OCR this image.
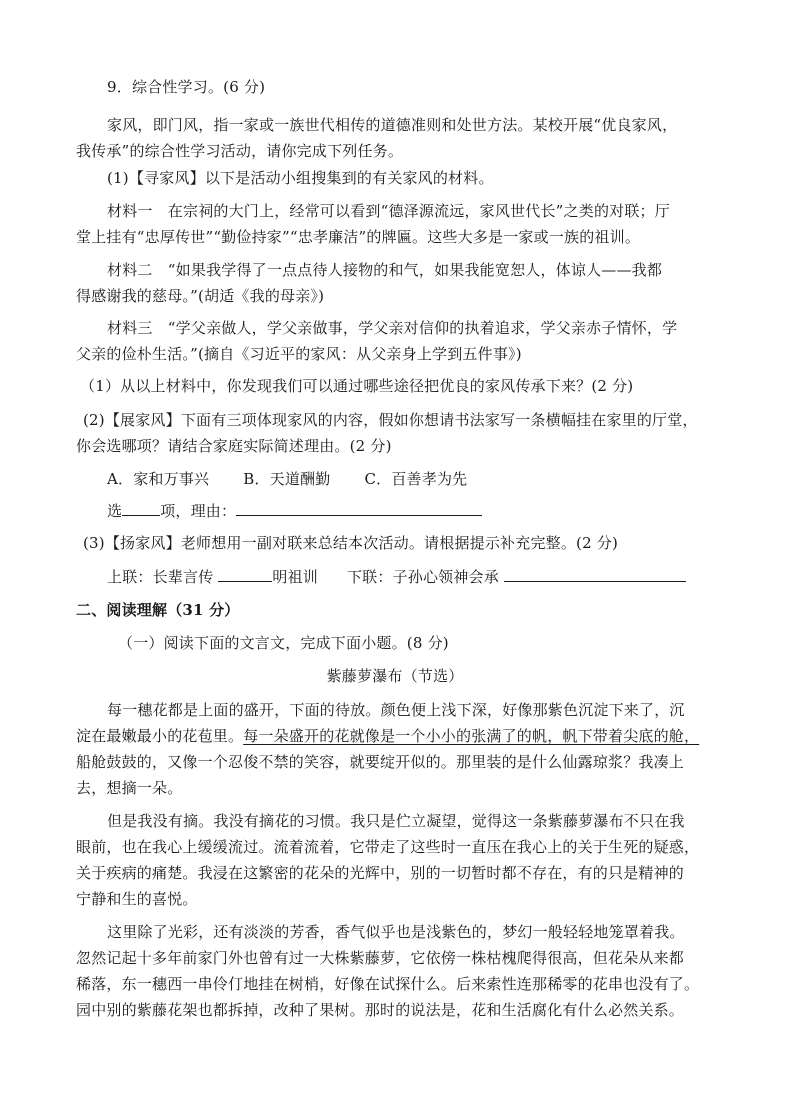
9．综合性学习。(6 分)
家风，即门风，指一家或一族世代相传的道德准则和处世方法。某校开展“优良家风，
我传承”的综合性学习活动，请你完成下列任务。
(1)【寻家风】以下是活动小组搜集到的有关家风的材料。
材料一　在宗祠的大门上，经常可以看到“德泽源流远，家风世代长”之类的对联；厅
堂上挂有“忠厚传世”“勤俭持家”“忠孝廉洁”的牌匾。这些大多是一家或一族的祖训。
材料二　“如果我学得了一点点待人接物的和气，如果我能宽恕人，体谅人——我都
得感谢我的慈母。”(胡适《我的母亲》)
材料三　“学父亲做人，学父亲做事，学父亲对信仰的执着追求，学父亲赤子情怀，学
父亲的俭朴生活。”(摘自《习近平的家风：从父亲身上学到五件事》)
（1）从以上材料中，你发现我们可以通过哪些途径把优良的家风传承下来？(2 分)
(2)【展家风】下面有三项体现家风的内容，假如你想请书法家写一条横幅挂在家里的厅堂，
你会选哪项？请结合家庭实际简述理由。(2 分)
A．家和万事兴 B．天道酬勤 C．百善孝为先
选	项，理由：
(3)【扬家风】老师想用一副对联来总结本次活动。请根据提示补充完整。(2 分)
上联：长辈言传	明祖训 下联：子孙心领神会承
二、阅读理解（31 分）
（一）阅读下面的文言文，完成下面小题。(8 分)
紫藤萝瀑布（节选）
每一穗花都是上面的盛开，下面的待放。颜色便上浅下深，好像那紫色沉淀下来了，沉
淀在最嫩最小的花苞里。每一朵盛开的花就像是一个小小的张满了的帆，帆下带着尖底的舱，
船舱鼓鼓的，又像一个忍俊不禁的笑容，就要绽开似的。那里装的是什么仙露琼浆？我凑上
去，想摘一朵。
但是我没有摘。我没有摘花的习惯。我只是伫立凝望，觉得这一条紫藤萝瀑布不只在我
眼前，也在我心上缓缓流过。流着流着，它带走了这些时一直压在我心上的关于生死的疑惑，
关于疾病的痛楚。我浸在这繁密的花朵的光辉中，别的一切暂时都不存在，有的只是精神的
宁静和生的喜悦。
这里除了光彩，还有淡淡的芳香，香气似乎也是浅紫色的，梦幻一般轻轻地笼罩着我。
忽然记起十多年前家门外也曾有过一大株紫藤萝，它依傍一株枯槐爬得很高，但花朵从来都
稀落，东一穗西一串伶仃地挂在树梢，好像在试探什么。后来索性连那稀零的花串也没有了。
园中别的紫藤花架也都拆掉，改种了果树。那时的说法是，花和生活腐化有什么必然关系。
